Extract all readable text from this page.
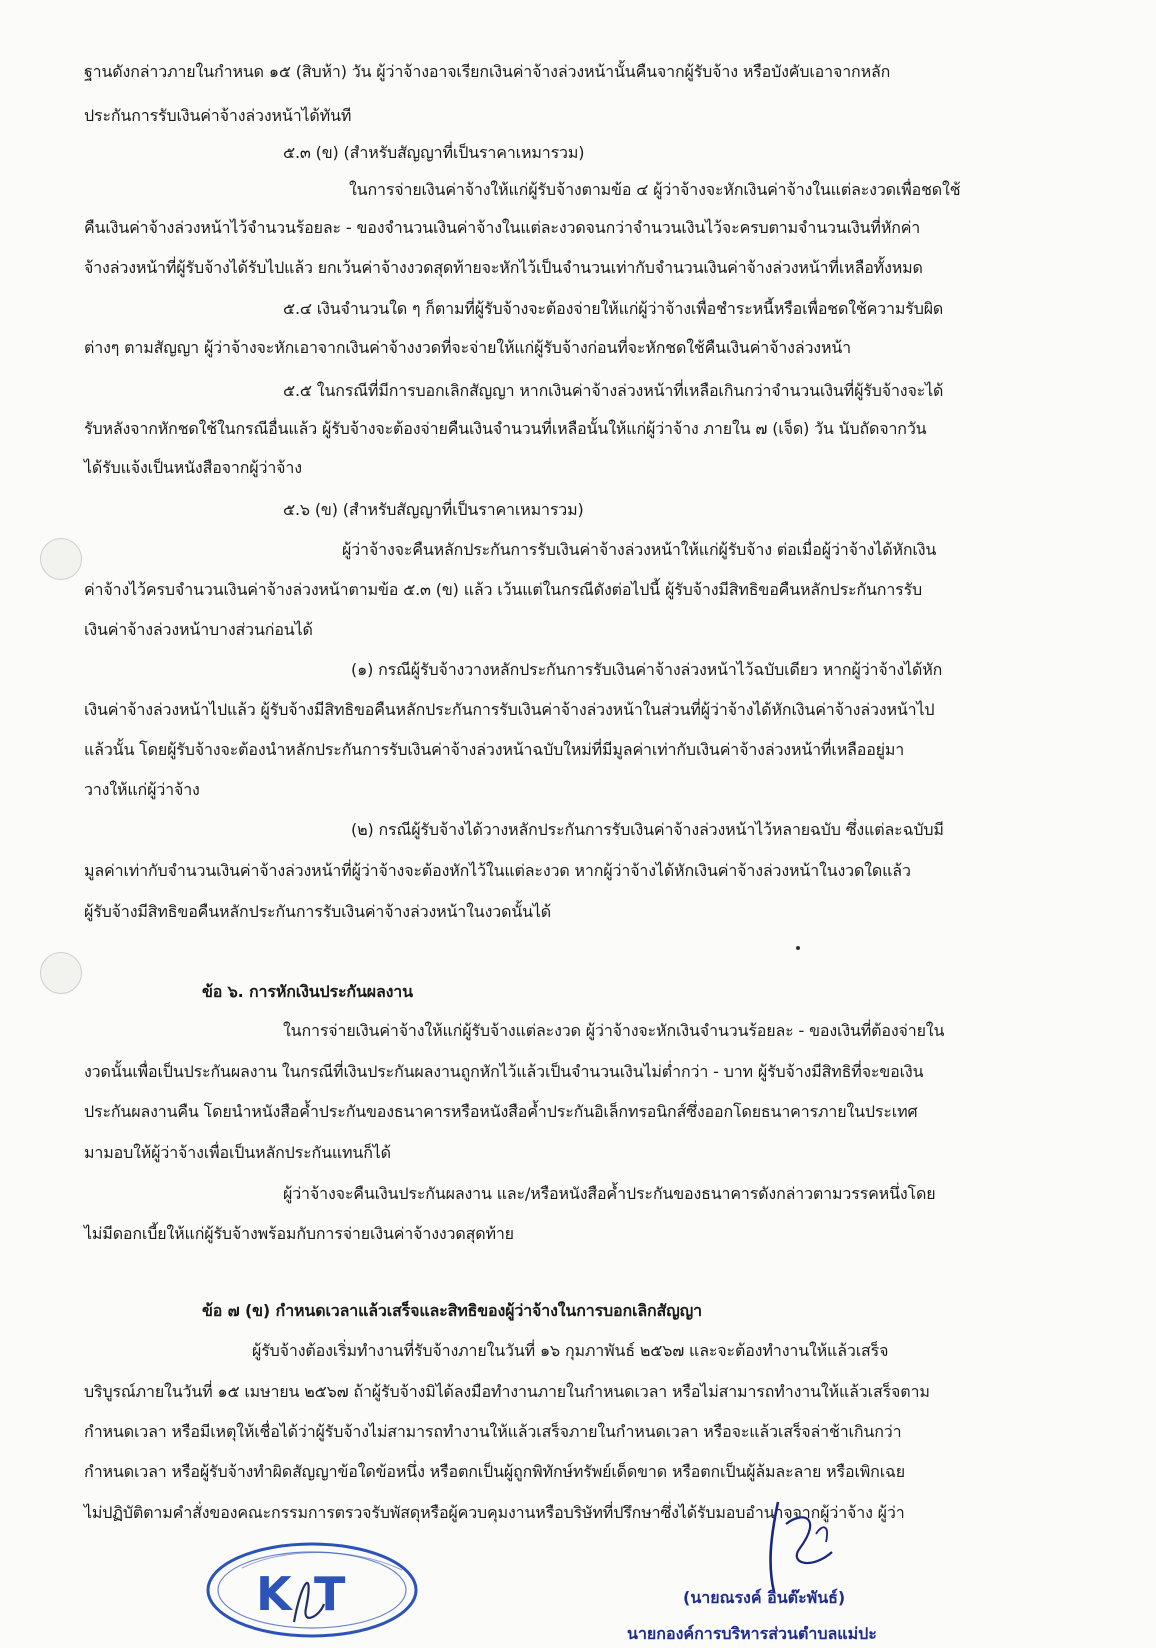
ฐานดังกล่าวภายในกำหนด ๑๕ (สิบห้า) วัน ผู้ว่าจ้างอาจเรียกเงินค่าจ้างล่วงหน้านั้นคืนจากผู้รับจ้าง หรือบังคับเอาจากหลัก
ประกันการรับเงินค่าจ้างล่วงหน้าได้ทันที
๕.๓ (ข) (สำหรับสัญญาที่เป็นราคาเหมารวม)
ในการจ่ายเงินค่าจ้างให้แก่ผู้รับจ้างตามข้อ ๔ ผู้ว่าจ้างจะหักเงินค่าจ้างในแต่ละงวดเพื่อชดใช้
คืนเงินค่าจ้างล่วงหน้าไว้จำนวนร้อยละ - ของจำนวนเงินค่าจ้างในแต่ละงวดจนกว่าจำนวนเงินไว้จะครบตามจำนวนเงินที่หักค่า
จ้างล่วงหน้าที่ผู้รับจ้างได้รับไปแล้ว ยกเว้นค่าจ้างงวดสุดท้ายจะหักไว้เป็นจำนวนเท่ากับจำนวนเงินค่าจ้างล่วงหน้าที่เหลือทั้งหมด
๕.๔ เงินจำนวนใด ๆ ก็ตามที่ผู้รับจ้างจะต้องจ่ายให้แก่ผู้ว่าจ้างเพื่อชำระหนี้หรือเพื่อชดใช้ความรับผิด
ต่างๆ ตามสัญญา ผู้ว่าจ้างจะหักเอาจากเงินค่าจ้างงวดที่จะจ่ายให้แก่ผู้รับจ้างก่อนที่จะหักชดใช้คืนเงินค่าจ้างล่วงหน้า
๕.๕ ในกรณีที่มีการบอกเลิกสัญญา หากเงินค่าจ้างล่วงหน้าที่เหลือเกินกว่าจำนวนเงินที่ผู้รับจ้างจะได้
รับหลังจากหักชดใช้ในกรณีอื่นแล้ว ผู้รับจ้างจะต้องจ่ายคืนเงินจำนวนที่เหลือนั้นให้แก่ผู้ว่าจ้าง ภายใน ๗ (เจ็ด) วัน นับถัดจากวัน
ได้รับแจ้งเป็นหนังสือจากผู้ว่าจ้าง
๕.๖ (ข) (สำหรับสัญญาที่เป็นราคาเหมารวม)
ผู้ว่าจ้างจะคืนหลักประกันการรับเงินค่าจ้างล่วงหน้าให้แก่ผู้รับจ้าง ต่อเมื่อผู้ว่าจ้างได้หักเงิน
ค่าจ้างไว้ครบจำนวนเงินค่าจ้างล่วงหน้าตามข้อ ๕.๓ (ข) แล้ว เว้นแต่ในกรณีดังต่อไปนี้ ผู้รับจ้างมีสิทธิขอคืนหลักประกันการรับ
เงินค่าจ้างล่วงหน้าบางส่วนก่อนได้
(๑) กรณีผู้รับจ้างวางหลักประกันการรับเงินค่าจ้างล่วงหน้าไว้ฉบับเดียว หากผู้ว่าจ้างได้หัก
เงินค่าจ้างล่วงหน้าไปแล้ว ผู้รับจ้างมีสิทธิขอคืนหลักประกันการรับเงินค่าจ้างล่วงหน้าในส่วนที่ผู้ว่าจ้างได้หักเงินค่าจ้างล่วงหน้าไป
แล้วนั้น โดยผู้รับจ้างจะต้องนำหลักประกันการรับเงินค่าจ้างล่วงหน้าฉบับใหม่ที่มีมูลค่าเท่ากับเงินค่าจ้างล่วงหน้าที่เหลืออยู่มา
วางให้แก่ผู้ว่าจ้าง
(๒) กรณีผู้รับจ้างได้วางหลักประกันการรับเงินค่าจ้างล่วงหน้าไว้หลายฉบับ ซึ่งแต่ละฉบับมี
มูลค่าเท่ากับจำนวนเงินค่าจ้างล่วงหน้าที่ผู้ว่าจ้างจะต้องหักไว้ในแต่ละงวด หากผู้ว่าจ้างได้หักเงินค่าจ้างล่วงหน้าในงวดใดแล้ว
ผู้รับจ้างมีสิทธิขอคืนหลักประกันการรับเงินค่าจ้างล่วงหน้าในงวดนั้นได้
ข้อ ๖. การหักเงินประกันผลงาน
ในการจ่ายเงินค่าจ้างให้แก่ผู้รับจ้างแต่ละงวด ผู้ว่าจ้างจะหักเงินจำนวนร้อยละ - ของเงินที่ต้องจ่ายใน
งวดนั้นเพื่อเป็นประกันผลงาน ในกรณีที่เงินประกันผลงานถูกหักไว้แล้วเป็นจำนวนเงินไม่ต่ำกว่า - บาท ผู้รับจ้างมีสิทธิที่จะขอเงิน
ประกันผลงานคืน โดยนำหนังสือค้ำประกันของธนาคารหรือหนังสือค้ำประกันอิเล็กทรอนิกส์ซึ่งออกโดยธนาคารภายในประเทศ
มามอบให้ผู้ว่าจ้างเพื่อเป็นหลักประกันแทนก็ได้
ผู้ว่าจ้างจะคืนเงินประกันผลงาน และ/หรือหนังสือค้ำประกันของธนาคารดังกล่าวตามวรรคหนึ่งโดย
ไม่มีดอกเบี้ยให้แก่ผู้รับจ้างพร้อมกับการจ่ายเงินค่าจ้างงวดสุดท้าย
ข้อ ๗ (ข) กำหนดเวลาแล้วเสร็จและสิทธิของผู้ว่าจ้างในการบอกเลิกสัญญา
ผู้รับจ้างต้องเริ่มทำงานที่รับจ้างภายในวันที่ ๑๖ กุมภาพันธ์ ๒๕๖๗ และจะต้องทำงานให้แล้วเสร็จ
บริบูรณ์ภายในวันที่ ๑๕ เมษายน ๒๕๖๗ ถ้าผู้รับจ้างมิได้ลงมือทำงานภายในกำหนดเวลา หรือไม่สามารถทำงานให้แล้วเสร็จตาม
กำหนดเวลา หรือมีเหตุให้เชื่อได้ว่าผู้รับจ้างไม่สามารถทำงานให้แล้วเสร็จภายในกำหนดเวลา หรือจะแล้วเสร็จล่าช้าเกินกว่า
กำหนดเวลา หรือผู้รับจ้างทำผิดสัญญาข้อใดข้อหนึ่ง หรือตกเป็นผู้ถูกพิทักษ์ทรัพย์เด็ดขาด หรือตกเป็นผู้ล้มละลาย หรือเพิกเฉย
ไม่ปฏิบัติตามคำสั่งของคณะกรรมการตรวจรับพัสดุหรือผู้ควบคุมงานหรือบริษัทที่ปรึกษาซึ่งได้รับมอบอำนาจจากผู้ว่าจ้าง ผู้ว่า
K T	(นายณรงค์ อินต๊ะพันธ์)
นายกองค์การบริหารส่วนตำบลแม่ปะ
